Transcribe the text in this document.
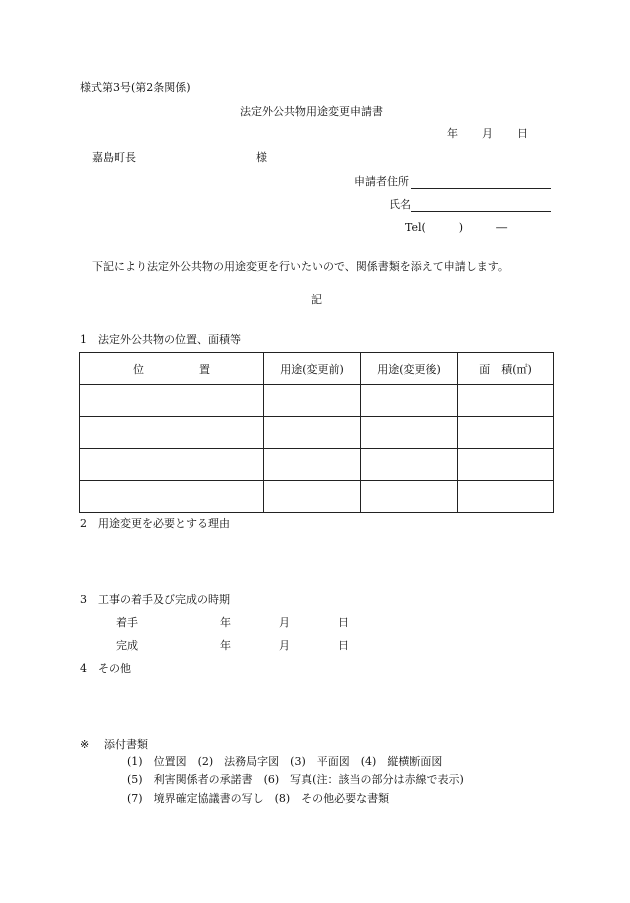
様式第3号(第2条関係)
法定外公共物用途変更申請書
年 月 日
嘉島町長	様
申請者住所
氏名
Tel(　　　)　　　―
下記により法定外公共物の用途変更を行いたいので、関係書類を添えて申請します。
記
1　法定外公共物の位置、面積等
位　　　　　置	用途(変更前)	用途(変更後)	面　積(㎡)

2　用途変更を必要とする理由
3　工事の着手及び完成の時期
着手	年	月	日
完成	年	月	日
4　その他
※ 添付書類
(1)　位置図　(2)　法務局字図　(3)　平面図　(4)　縦横断面図
(5)　利害関係者の承諾書　(6)　写真(注：該当の部分は赤線で表示)
(7)　境界確定協議書の写し　(8)　その他必要な書類
